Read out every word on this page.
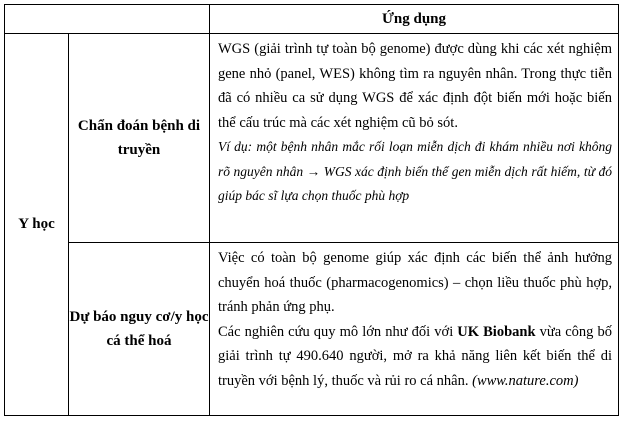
		Ứng dụng
Y học	Chẩn đoán bệnh di truyền	WGS (giải trình tự toàn bộ genome) được dùng khi các xét nghiệm gene nhỏ (panel, WES) không tìm ra nguyên nhân. Trong thực tiễn đã có nhiều ca sử dụng WGS để xác định đột biến mới hoặc biến thể cấu trúc mà các xét nghiệm cũ bỏ sót.

Ví dụ: một bệnh nhân mắc rối loạn miễn dịch đi khám nhiều nơi không rõ nguyên nhân → WGS xác định biến thể gen miễn dịch rất hiếm, từ đó giúp bác sĩ lựa chọn thuốc phù hợp

	Dự báo nguy cơ/y học cá thể hoá	Việc có toàn bộ genome giúp xác định các biến thể ảnh hưởng chuyển hoá thuốc (pharmacogenomics) – chọn liều thuốc phù hợp, tránh phản ứng phụ.

Các nghiên cứu quy mô lớn như đối với UK Biobank vừa công bố giải trình tự 490.640 người, mở ra khả năng liên kết biến thể di truyền với bệnh lý, thuốc và rủi ro cá nhân. (www.nature.com)
